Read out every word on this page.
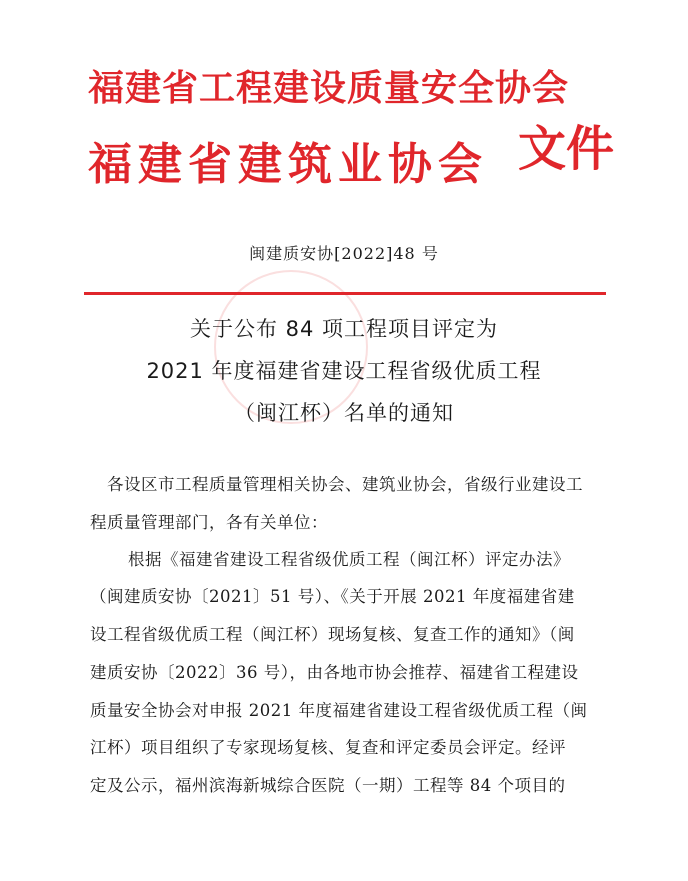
福建省工程建设质量安全协会
福建省建筑业协会 文件
闽建质安协[2022]48 号
关于公布 84 项工程项目评定为
2021 年度福建省建设工程省级优质工程
（闽江杯）名单的通知
各设区市工程质量管理相关协会、建筑业协会，省级行业建设工
程质量管理部门，各有关单位：
根据《福建省建设工程省级优质工程（闽江杯）评定办法》
（闽建质安协〔2021〕51 号）、《关于开展 2021 年度福建省建
设工程省级优质工程（闽江杯）现场复核、复查工作的通知》（闽
建质安协〔2022〕36 号），由各地市协会推荐、福建省工程建设
质量安全协会对申报 2021 年度福建省建设工程省级优质工程（闽
江杯）项目组织了专家现场复核、复查和评定委员会评定。经评
定及公示，福州滨海新城综合医院（一期）工程等 84 个项目的
